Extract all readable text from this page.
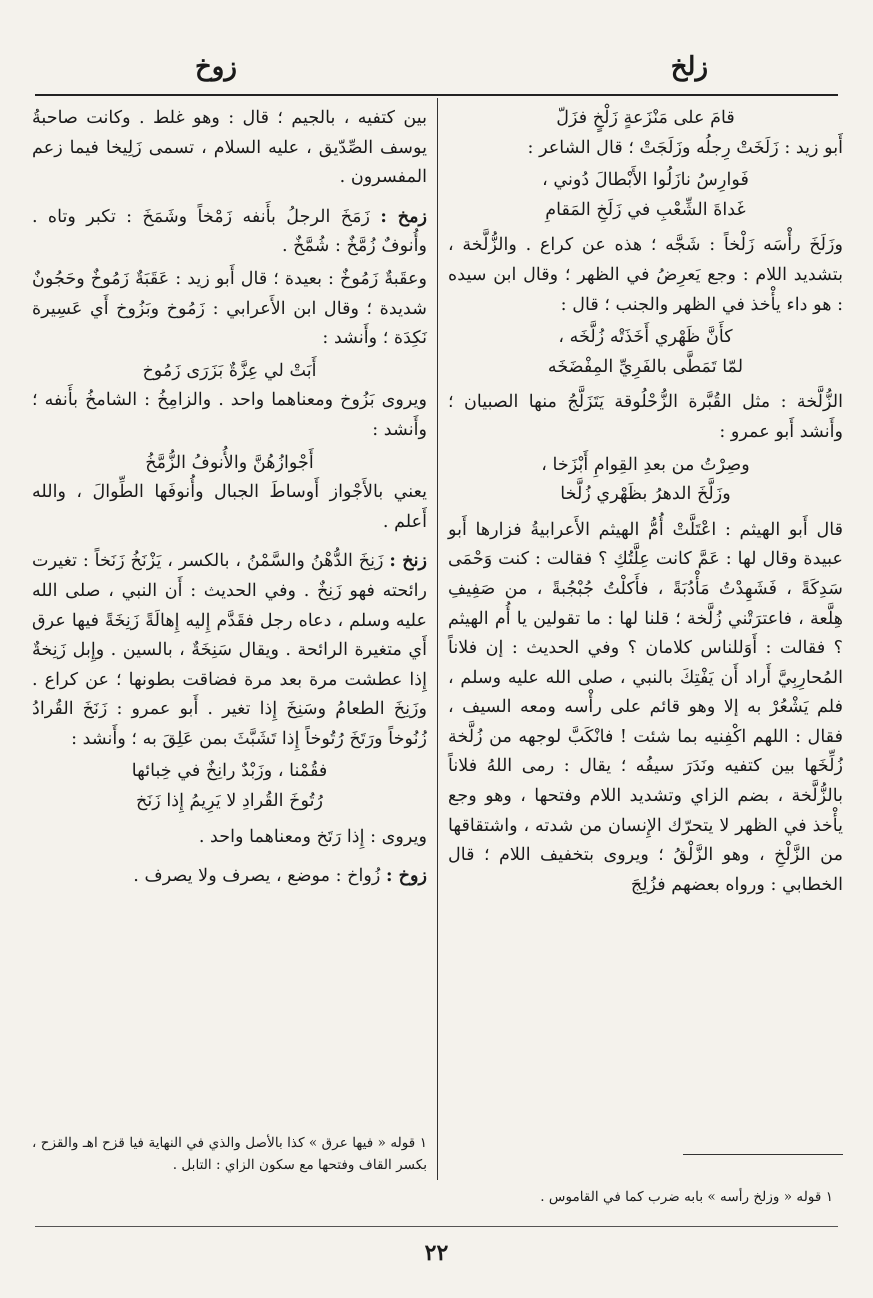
زلخ
زوخ

قامَ على مَنْزَعةٍ زَلْخٍ فزَلّ

أَبو زيد : زَلَخَتْ رِجلُه وزَلَجَتْ ؛ قال الشاعر :

فَوارِسُ نازَلُوا الأَبْطالَ دُوني ،

غَداةَ الشِّعْبِ في زَلَخِ المَقامِ

وزَلَخَ رأْسَه زَلْخاً : شَجَّه ؛ هذه عن كراع . والزُّلَّخة ، بتشديد اللام : وجع يَعرِضُ في الظهر ؛ وقال ابن سيده : هو داء يأْخذ في الظهر والجنب ؛ قال :

كأَنَّ ظَهْري أَخَذَتْه زُلَّخَه ،

لمّا تَمَطَّى بالفَرِيِّ المِفْضَخَه

الزُّلَّخة : مثل القُبَّرة الزُّحْلُوقة يَتَزَلَّجُ منها الصبيان ؛ وأَنشد أَبو عمرو :

وصِرْتُ من بعدِ القِوامِ أَبْزَخا ،

وزَلَّخَ الدهرُ بظَهْري زُلَّخا

قال أَبو الهيثم : اعْتَلَّتْ أُمُّ الهيثم الأَعرابيةُ فزارها أَبو عبيدة وقال لها : عَمَّ كانت عِلَّتُكِ ؟ فقالت : كنت وَحْمَى سَدِكَةً ، فَشَهِدْتُ مَأْدُبَةً ، فأَكلْتُ جُبْجُبةً ، من صَفِيفِ هِلَّعة ، فاعترَتْني زُلَّخة ؛ قلنا لها : ما تقولين يا أُم الهيثم ؟ فقالت : أَوَللناس كلامان ؟ وفي الحديث : إن فلاناً المُحارِبِيَّ أَراد أَن يَفْتِكَ بالنبي ، صلى الله عليه وسلم ، فلم يَشْعُرْ به إلا وهو قائم على رأْسه ومعه السيف ، فقال : اللهم اكْفِنيه بما شئت ! فانْكَبَّ لوجهه من زُلَّخة زُلِّخَها بين كتفيه ونَدَرَ سيفُه ؛ يقال : رمى اللهُ فلاناً بالزُّلَّخة ، بضم الزاي وتشديد اللام وفتحها ، وهو وجع يأْخذ في الظهر لا يتحرّك الإِنسان من شدته ، واشتقاقها من الزَّلْخِ ، وهو الزَّلْقُ ؛ ويروى بتخفيف اللام ؛ قال الخطابي : ورواه بعضهم فزُلِجَ

بين كتفيه ، بالجيم ؛ قال : وهو غلط . وكانت صاحبةُ يوسف الصِّدّيق ، عليه السلام ، تسمى زَلِيخا فيما زعم المفسرون .

زمخ : زَمَخَ الرجلُ بأَنفه زَمْخاً وشَمَخَ : تكبر وتاه . وأُنوفٌ زُمَّخٌ : شُمَّخٌ .

وعقَبةٌ زَمُوخٌ : بعيدة ؛ قال أَبو زيد : عَقَبَةٌ زَمُوخٌ وحَجُونٌ شديدة ؛ وقال ابن الأَعرابي : زَمُوخ وبَزُوخ أَي عَسِيرة نَكِدَة ؛ وأَنشد :

أَبَتْ لي عِزَّةٌ بَزَرَى زَمُوخ

ويروى بَزُوخ ومعناهما واحد . والزامِخُ : الشامخُ بأَنفه ؛ وأَنشد :

أَجْوازُهُنَّ والأُنوفُ الزُّمَّخُ

يعني بالأَجْواز أَوساطَ الجبال وأُنوفَها الطِّوالَ ، والله أَعلم .

زنخ : زَنِخَ الدُّهْنُ والسَّمْنُ ، بالكسر ، يَزْنَخُ زَنَخاً : تغيرت رائحته فهو زَنِخٌ . وفي الحديث : أَن النبي ، صلى الله عليه وسلم ، دعاه رجل فقَدَّم إِليه إِهالَةً زَنِخَةً فيها عرق أَي متغيرة الرائحة . ويقال سَنِخَةٌ ، بالسين . وإِبل زَنِخةٌ إِذا عطشت مرة بعد مرة فضاقت بطونها ؛ عن كراع . وزَنِخَ الطعامُ وسَنِخَ إِذا تغير . أَبو عمرو : زَنَخَ القُرادُ زُنُوخاً ورَتَخَ رُتُوخاً إِذا تَشَبَّثَ بمن عَلِقَ به ؛ وأَنشد :

فقُمْنا ، وزَبْدٌ رانِخٌ في خِبائها

رُتُوخَ القُرادِ لا يَرِيمُ إِذا زَنَخ

ويروى : إِذا رَتَخ ومعناهما واحد .

زوخ : زُواخ : موضع ، يصرف ولا يصرف .

١ قوله « وزلخ رأسه » بابه ضرب كما في القاموس .
١ قوله « فيها عرق » كذا بالأصل والذي في النهاية فيا قزح اهـ والقزح ، بكسر القاف وفتحها مع سكون الزاي : التابل .
٢٢
